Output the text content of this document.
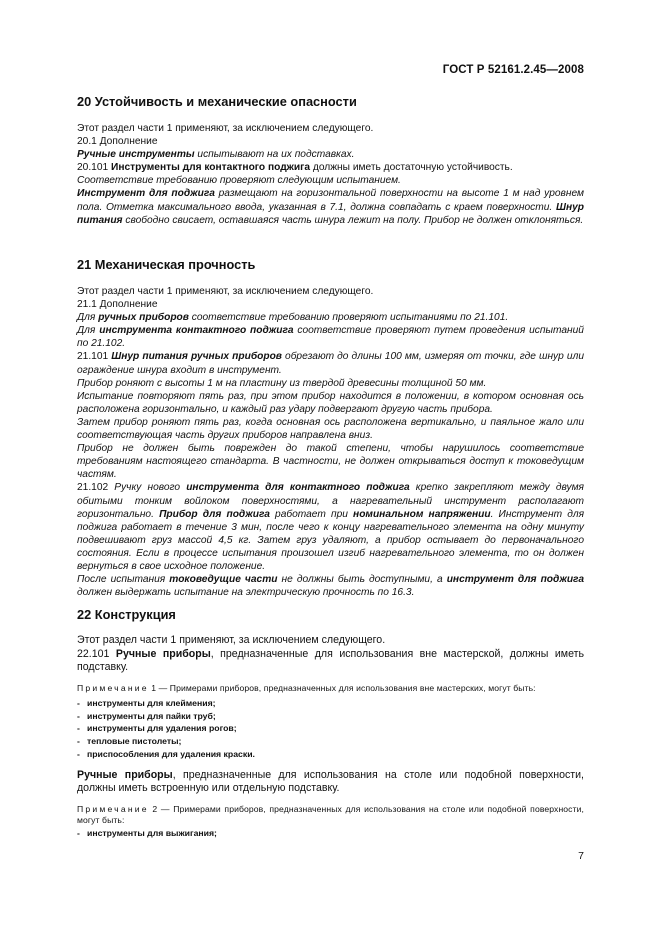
ГОСТ Р 52161.2.45—2008
20 Устойчивость и механические опасности

Этот раздел части 1 применяют, за исключением следующего.

20.1 Дополнение

Ручные инструменты испытывают на их подставках.

20.101 Инструменты для контактного поджига должны иметь достаточную устойчивость.

Соответствие требованию проверяют следующим испытанием.

Инструмент для поджига размещают на горизонтальной поверхности на высоте 1 м над уровнем пола. Отметка максимального ввода, указанная в 7.1, должна совпадать с краем поверхности. Шнур питания свободно свисает, оставшаяся часть шнура лежит на полу. Прибор не должен отклоняться.

21 Механическая прочность

Этот раздел части 1 применяют, за исключением следующего.

21.1 Дополнение

Для ручных приборов соответствие требованию проверяют испытаниями по 21.101.

Для инструмента контактного поджига соответствие проверяют путем проведения испытаний по 21.102.

21.101 Шнур питания ручных приборов обрезают до длины 100 мм, измеряя от точки, где шнур или ограждение шнура входит в инструмент.

Прибор роняют с высоты 1 м на пластину из твердой древесины толщиной 50 мм.

Испытание повторяют пять раз, при этом прибор находится в положении, в котором основная ось расположена горизонтально, и каждый раз удару подвергают другую часть прибора.

Затем прибор роняют пять раз, когда основная ось расположена вертикально, и паяльное жало или соответствующая часть других приборов направлена вниз.

Прибор не должен быть поврежден до такой степени, чтобы нарушилось соответствие требованиям настоящего стандарта. В частности, не должен открываться доступ к токоведущим частям.

21.102 Ручку нового инструмента для контактного поджига крепко закрепляют между двумя обитыми тонким войлоком поверхностями, а нагревательный инструмент располагают горизонтально. Прибор для поджига работает при номинальном напряжении. Инструмент для поджига работает в течение 3 мин, после чего к концу нагревательного элемента на одну минуту подвешивают груз массой 4,5 кг. Затем груз удаляют, а прибор остывает до первоначального состояния. Если в процессе испытания произошел изгиб нагревательного элемента, то он должен вернуться в свое исходное положение.

После испытания токоведущие части не должны быть доступными, а инструмент для поджига должен выдержать испытание на электрическую прочность по 16.3.

22 Конструкция

Этот раздел части 1 применяют, за исключением следующего.

22.101 Ручные приборы, предназначенные для использования вне мастерской, должны иметь подставку.

Примечание 1 — Примерами приборов, предназначенных для использования вне мастерских, могут быть:

- инструменты для клеймения;
- инструменты для пайки труб;
- инструменты для удаления рогов;
- тепловые пистолеты;
- приспособления для удаления краски.

Ручные приборы, предназначенные для использования на столе или подобной поверхности, должны иметь встроенную или отдельную подставку.

Примечание 2 — Примерами приборов, предназначенных для использования на столе или подобной поверхности, могут быть:

- инструменты для выжигания;
7
